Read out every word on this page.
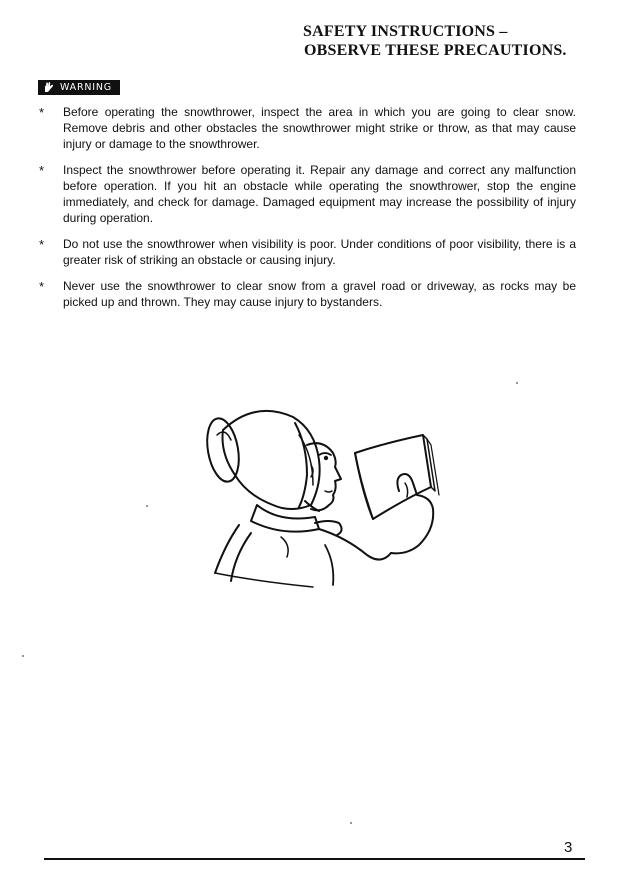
SAFETY INSTRUCTIONS –
OBSERVE THESE PRECAUTIONS.
WARNING
* Before operating the snowthrower, inspect the area in which you are going to clear snow. Remove debris and other obstacles the snowthrower might strike or throw, as that may cause injury or damage to the snowthrower.
* Inspect the snowthrower before operating it. Repair any damage and correct any malfunction before operation. If you hit an obstacle while operating the snowthrower, stop the engine immediately, and check for damage. Damaged equipment may increase the possibility of injury during operation.
* Do not use the snowthrower when visibility is poor. Under conditions of poor visibility, there is a greater risk of striking an obstacle or causing injury.
* Never use the snowthrower to clear snow from a gravel road or driveway, as rocks may be picked up and thrown. They may cause injury to bystanders.
3
